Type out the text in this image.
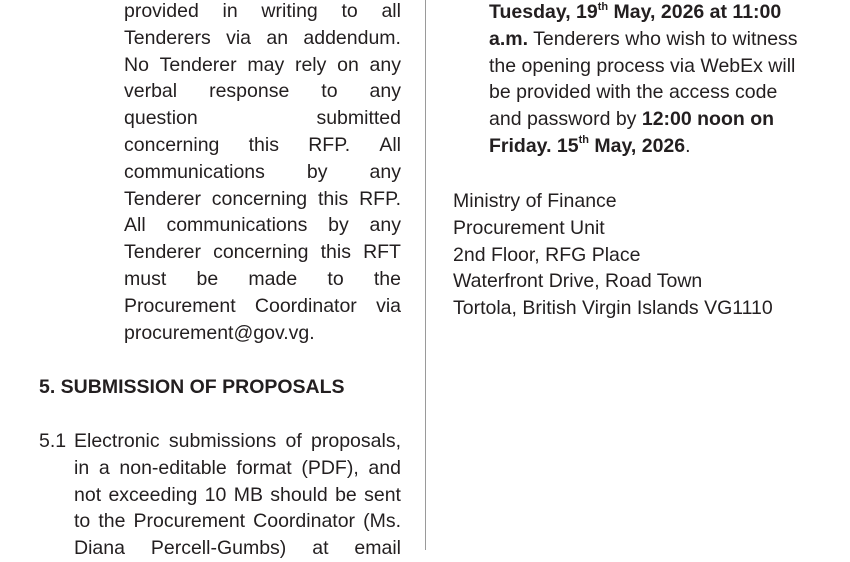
provided in writing to all
Tenderers via an addendum.
No Tenderer may rely on any
verbal response to any
question	submitted
concerning this RFP. All
communications by any
Tenderer concerning this RFP.
All communications by any
Tenderer concerning this RFT
must be made to the
Procurement Coordinator via
procurement@gov.vg.
5. SUBMISSION OF PROPOSALS
5.1 Electronic submissions of proposals,
in a non-editable format (PDF), and
not exceeding 10 MB should be sent
to the Procurement Coordinator (Ms.
Diana Percell-Gumbs) at email
Tuesday, 19th May, 2026 at 11:00
a.m. Tenderers who wish to witness
the opening process via WebEx will
be provided with the access code
and password by 12:00 noon on
Friday. 15th May, 2026.
Ministry of Finance
Procurement Unit
2nd Floor, RFG Place
Waterfront Drive, Road Town
Tortola, British Virgin Islands VG1110
